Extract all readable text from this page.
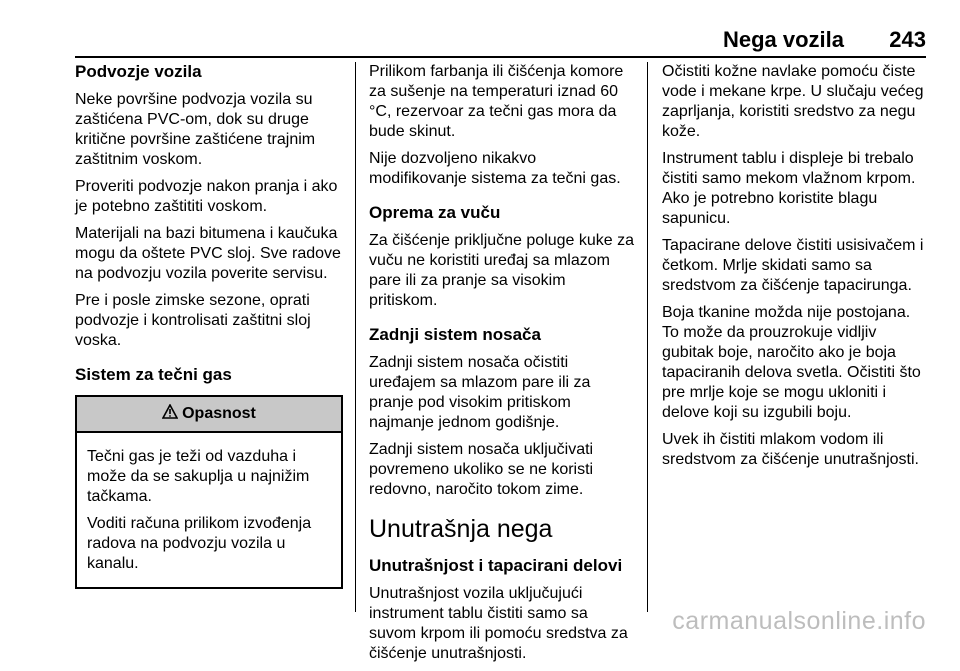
Nega vozila 243
Podvozje vozila

Neke površine podvozja vozila su zaštićena PVC-om, dok su druge kritične površine zaštićene trajnim zaštitnim voskom.

Proveriti podvozje nakon pranja i ako je potebno zaštititi voskom.

Materijali na bazi bitumena i kaučuka mogu da oštete PVC sloj. Sve radove na podvozju vozila poverite servisu.

Pre i posle zimske sezone, oprati podvozje i kontrolisati zaštitni sloj voska.

Sistem za tečni gas
Opasnost

Tečni gas je teži od vazduha i može da se sakuplja u najnižim tačkama.

Voditi računa prilikom izvođenja radova na podvozju vozila u kanalu.

Prilikom farbanja ili čišćenja komore za sušenje na temperaturi iznad 60 °C, rezervoar za tečni gas mora da bude skinut.

Nije dozvoljeno nikakvo modifikovanje sistema za tečni gas.

Oprema za vuču

Za čišćenje priključne poluge kuke za vuču ne koristiti uređaj sa mlazom pare ili za pranje sa visokim pritiskom.

Zadnji sistem nosača

Zadnji sistem nosača očistiti uređajem sa mlazom pare ili za pranje pod visokim pritiskom najmanje jednom godišnje.

Zadnji sistem nosača uključivati povremeno ukoliko se ne koristi redovno, naročito tokom zime.

Unutrašnja nega
Unutrašnjost i tapacirani delovi

Unutrašnjost vozila uključujući instrument tablu čistiti samo sa suvom krpom ili pomoću sredstva za čišćenje unutrašnjosti.

Očistiti kožne navlake pomoću čiste vode i mekane krpe. U slučaju većeg zaprljanja, koristiti sredstvo za negu kože.

Instrument tablu i displeje bi trebalo čistiti samo mekom vlažnom krpom. Ako je potrebno koristite blagu sapunicu.

Tapacirane delove čistiti usisivačem i četkom. Mrlje skidati samo sa sredstvom za čišćenje tapacirunga.

Boja tkanine možda nije postojana. To može da prouzrokuje vidljiv gubitak boje, naročito ako je boja tapaciranih delova svetla. Očistiti što pre mrlje koje se mogu ukloniti i delove koji su izgubili boju.

Uvek ih čistiti mlakom vodom ili sredstvom za čišćenje unutrašnjosti.

carmanualsonline.info
